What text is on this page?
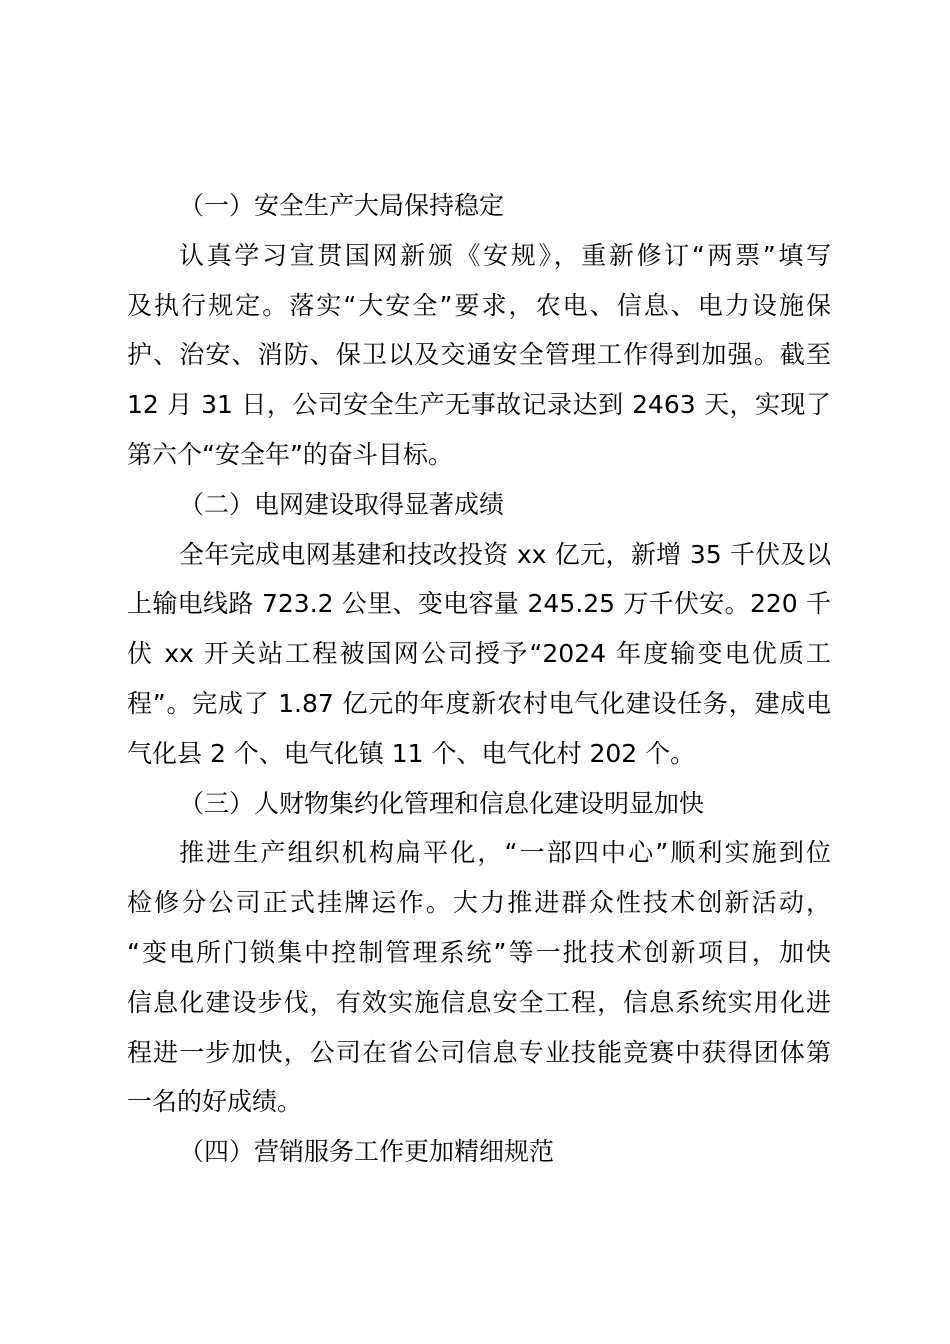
（一）安全生产大局保持稳定
认真学习宣贯国网新颁《安规》，重新修订“两票”填写
及执行规定。落实“大安全”要求，农电、信息、电力设施保
护、治安、消防、保卫以及交通安全管理工作得到加强。截至
12 月 31 日，公司安全生产无事故记录达到 2463 天，实现了
第六个“安全年”的奋斗目标。
（二）电网建设取得显著成绩
全年完成电网基建和技改投资 xx 亿元，新增 35 千伏及以
上输电线路 723.2 公里、变电容量 245.25 万千伏安。220 千
伏 xx 开关站工程被国网公司授予“2024 年度输变电优质工
程”。完成了 1.87 亿元的年度新农村电气化建设任务，建成电
气化县 2 个、电气化镇 11 个、电气化村 202 个。
（三）人财物集约化管理和信息化建设明显加快
推进生产组织机构扁平化，“一部四中心”顺利实施到位
检修分公司正式挂牌运作。大力推进群众性技术创新活动，
“变电所门锁集中控制管理系统”等一批技术创新项目，加快
信息化建设步伐，有效实施信息安全工程，信息系统实用化进
程进一步加快，公司在省公司信息专业技能竞赛中获得团体第
一名的好成绩。
（四）营销服务工作更加精细规范
